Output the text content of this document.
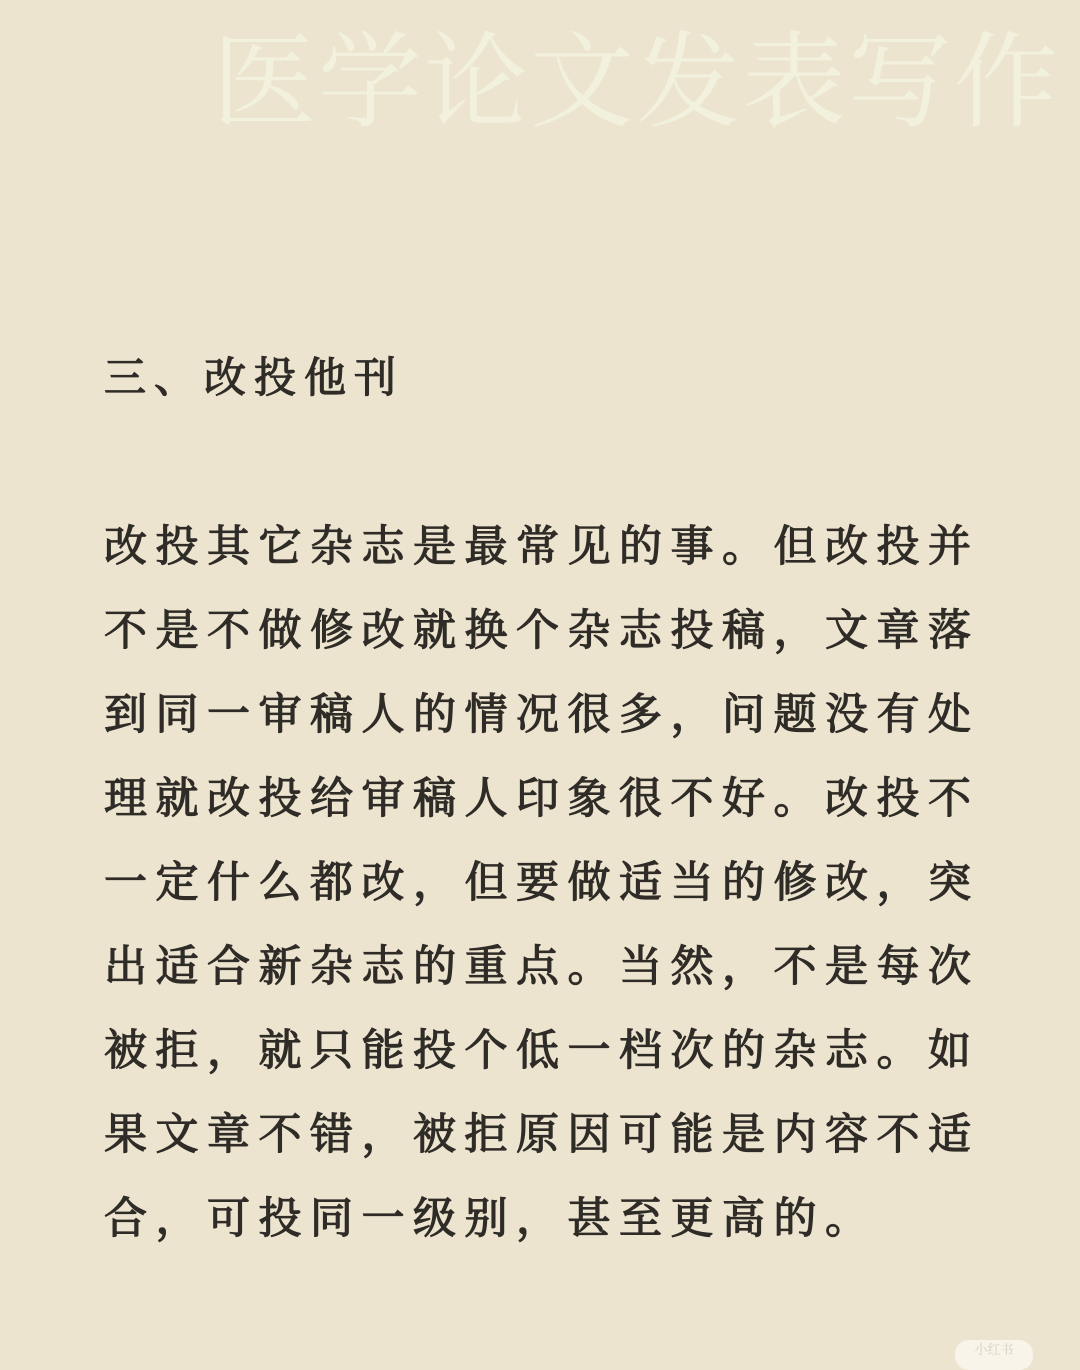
医学论文发表写作
三、改投他刊
改投其它杂志是最常见的事。但改投并
不是不做修改就换个杂志投稿，文章落
到同一审稿人的情况很多，问题没有处
理就改投给审稿人印象很不好。改投不
一定什么都改，但要做适当的修改，突
出适合新杂志的重点。当然，不是每次
被拒，就只能投个低一档次的杂志。如
果文章不错，被拒原因可能是内容不适
合，可投同一级别，甚至更高的。
小红书
